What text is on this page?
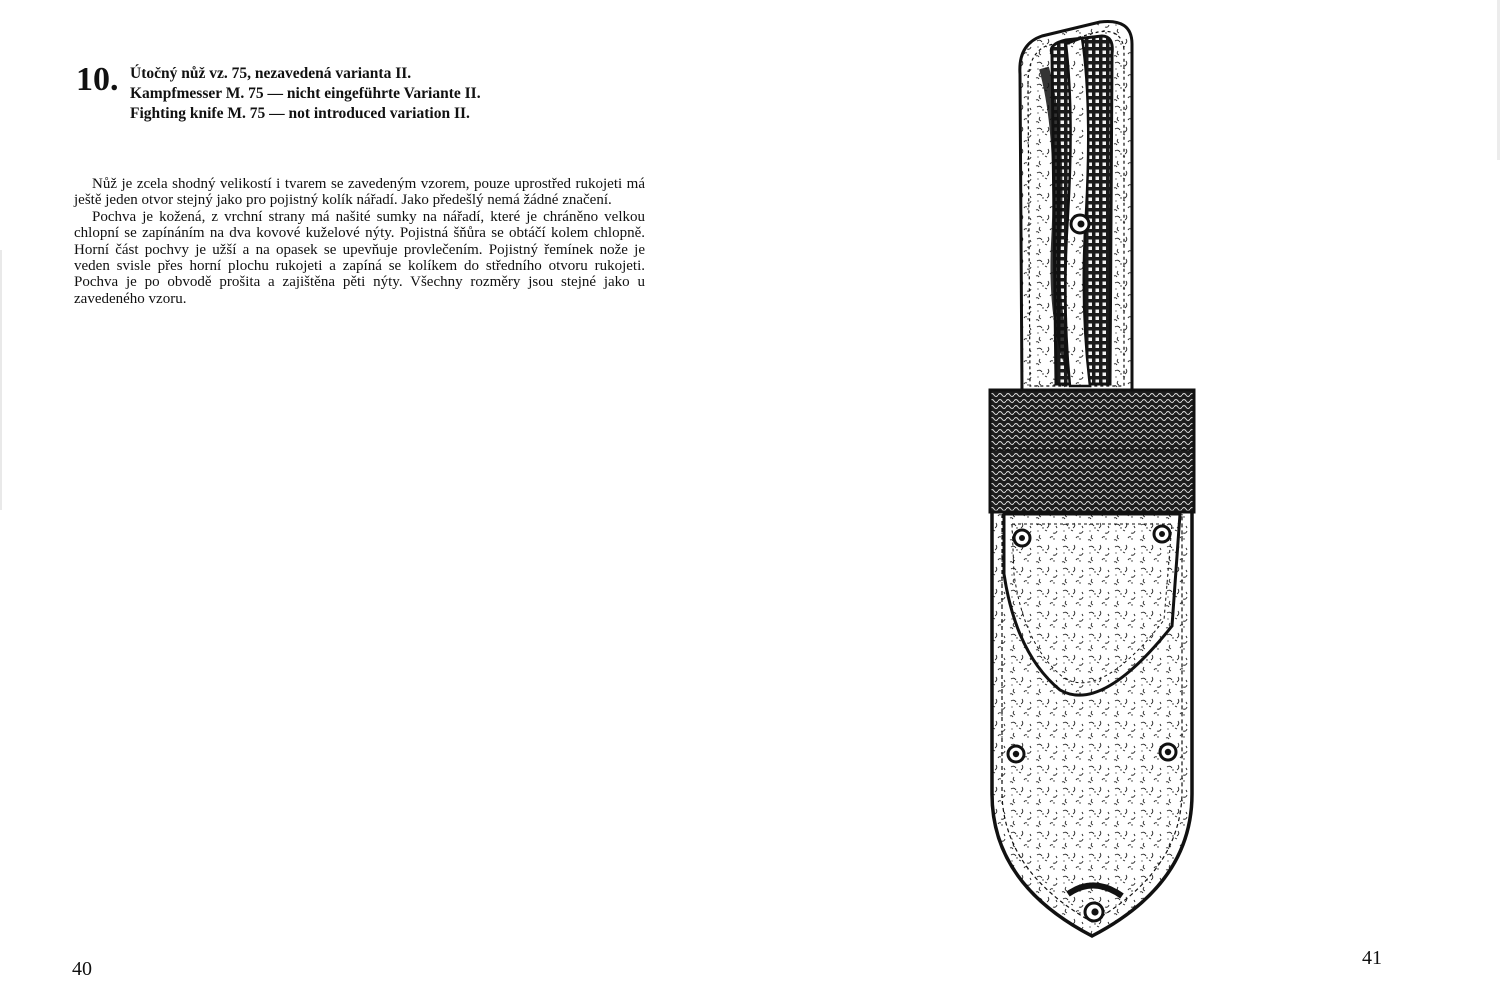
10. Útočný nůž vz. 75, nezavedená varianta II.
Kampfmesser M. 75 — nicht eingeführte Variante II.
Fighting knife M. 75 — not introduced variation II.

Nůž je zcela shodný velikostí i tvarem se zavedeným vzorem, pouze uprostřed rukojeti má ještě jeden otvor stejný jako pro pojistný kolík nářadí. Jako předešlý nemá žádné značení.

Pochva je kožená, z vrchní strany má našité sumky na nářadí, které je chráněno velkou chlopní se zapínáním na dva kovové kuželové nýty. Pojistná šňůra se obtáčí kolem chlopně. Horní část pochvy je užší a na opasek se upevňuje provlečením. Pojistný řemínek nože je veden svisle přes horní plochu rukojeti a zapíná se kolíkem do středního otvoru rukojeti. Pochva je po obvodě prošita a zajištěna pěti nýty. Všechny rozměry jsou stejné jako u zavedeného vzoru.

40	41
